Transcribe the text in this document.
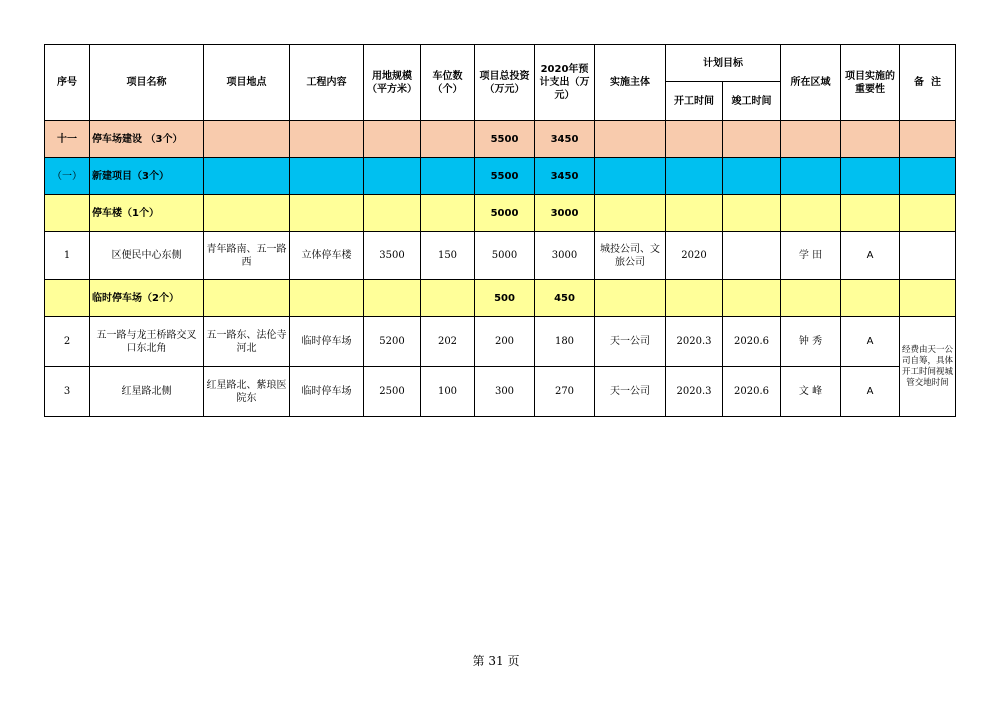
序号	项目名称	项目地点	工程内容	用地规模（平方米）	车位数（个）	项目总投资（万元）	2020年预计支出（万元）	实施主体	计划目标		所在区域	项目实施的重要性	备  注
									开工时间	竣工时间			
十一	停车场建设 （3个）					5500	3450						
（一）	新建项目（3个）					5500	3450						
	停车楼（1个）					5000	3000						
1	区便民中心东侧	青年路南、五一路西	立体停车楼	3500	150	5000	3000	城投公司、文旅公司	2020		学 田	A	
	临时停车场（2个）					500	450						
2	五一路与龙王桥路交叉口东北角	五一路东、法伦寺河北	临时停车场	5200	202	200	180	天一公司	2020.3	2020.6	钟 秀	A	经费由天一公司自筹，具体开工时间视城管交地时间
3	红星路北侧	红星路北、紫琅医院东	临时停车场	2500	100	300	270	天一公司	2020.3	2020.6	文 峰	A	
第 31 页
